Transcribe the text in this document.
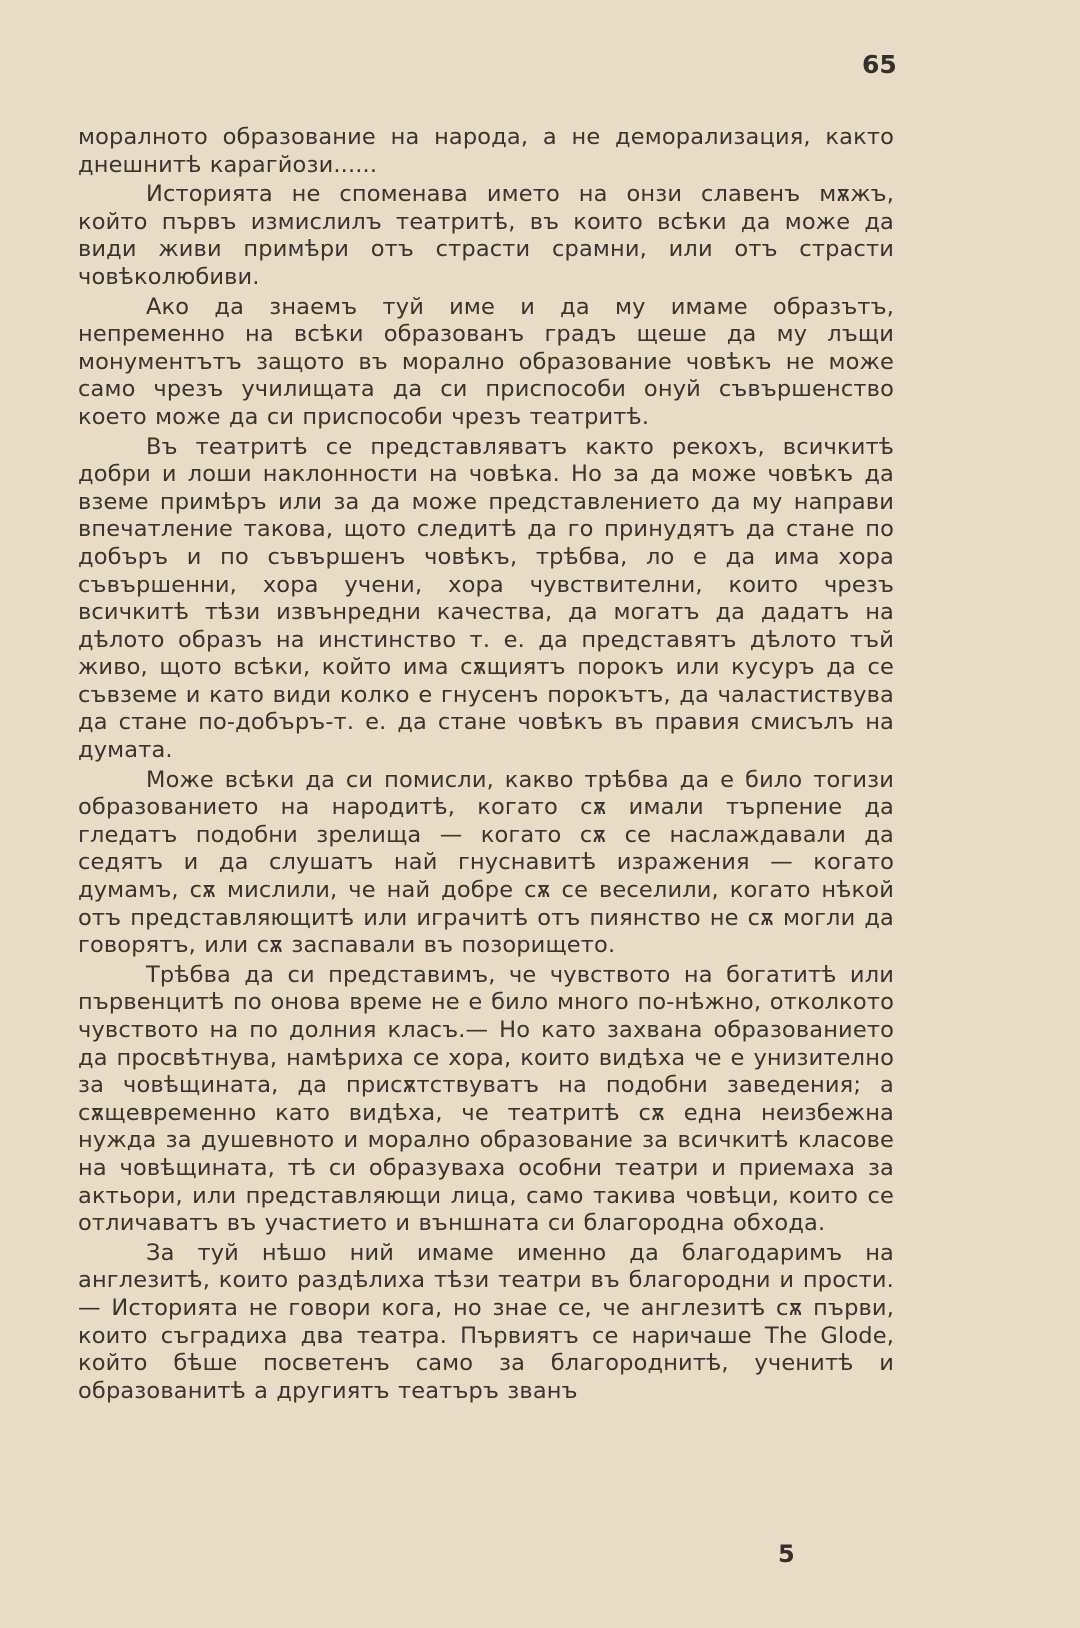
65

моралното образование на народа, а не деморализация, както днешнитѣ карагйози......

Историята не споменава името на онзи славенъ мѫжъ, който първъ измислилъ театритѣ, въ които всѣки да може да види живи примѣри отъ страсти срамни, или отъ страсти човѣколюбиви.

Ако да знаемъ туй име и да му имаме образътъ, непременно на всѣки образованъ градъ щеше да му лъщи монументътъ защото въ морално образование човѣкъ не може само чрезъ училищата да си приспособи онуй съвършенство което може да си приспособи чрезъ театритѣ.

Въ театритѣ се представляватъ както рекохъ, всичкитѣ добри и лоши наклонности на човѣка. Но за да може човѣкъ да вземе примѣръ или за да може представлението да му направи впечатление такова, щото следитѣ да го принудятъ да стане по добъръ и по съвършенъ човѣкъ, трѣбва, ло е да има хора съвършенни, хора учени, хора чувствителни, които чрезъ всичкитѣ тѣзи извънредни качества, да могатъ да дадатъ на дѣлото образъ на инстинство т. е. да представятъ дѣлото тъй живо, щото всѣки, който има сѫщиятъ порокъ или кусуръ да се съвземе и като види колко е гнусенъ порокътъ, да чаластиствува да стане по-добъръ-т. е. да стане човѣкъ въ правия смисълъ на думата.

Може всѣки да си помисли, какво трѣбва да е било тогизи образованието на народитѣ, когато сѫ имали търпение да гледатъ подобни зрелища — когато сѫ се наслаждавали да седятъ и да слушатъ най гнуснавитѣ изражения — когато думамъ, сѫ мислили, че най добре сѫ се веселили, когато нѣкой отъ представляющитѣ или играчитѣ отъ пиянство не сѫ могли да говорятъ, или сѫ заспавали въ позорището.

Трѣбва да си представимъ, че чувството на богатитѣ или първенцитѣ по онова време не е било много по-нѣжно, отколкото чувството на по долния класъ.— Но като захвана образованието да просвѣтнува, намѣриха се хора, които видѣха че е унизително за човѣщината, да присѫтствуватъ на подобни заведения; а сѫщевременно като видѣха, че театритѣ сѫ една неизбежна нужда за душевното и морално образование за всичкитѣ класове на човѣщината, тѣ си образуваха особни театри и приемаха за актьори, или представляющи лица, само такива човѣци, които се отличаватъ въ участието и външната си благородна обхода.

За туй нѣшо ний имаме именно да благодаримъ на англезитѣ, които раздѣлиха тѣзи театри въ благородни и прости. — Историята не говори кога, но знае се, че англезитѣ сѫ първи, които съградиха два театра. Първиятъ се наричаше The Glode, който бѣше посветенъ само за благороднитѣ, ученитѣ и образованитѣ а другиятъ театъръ званъ

5
